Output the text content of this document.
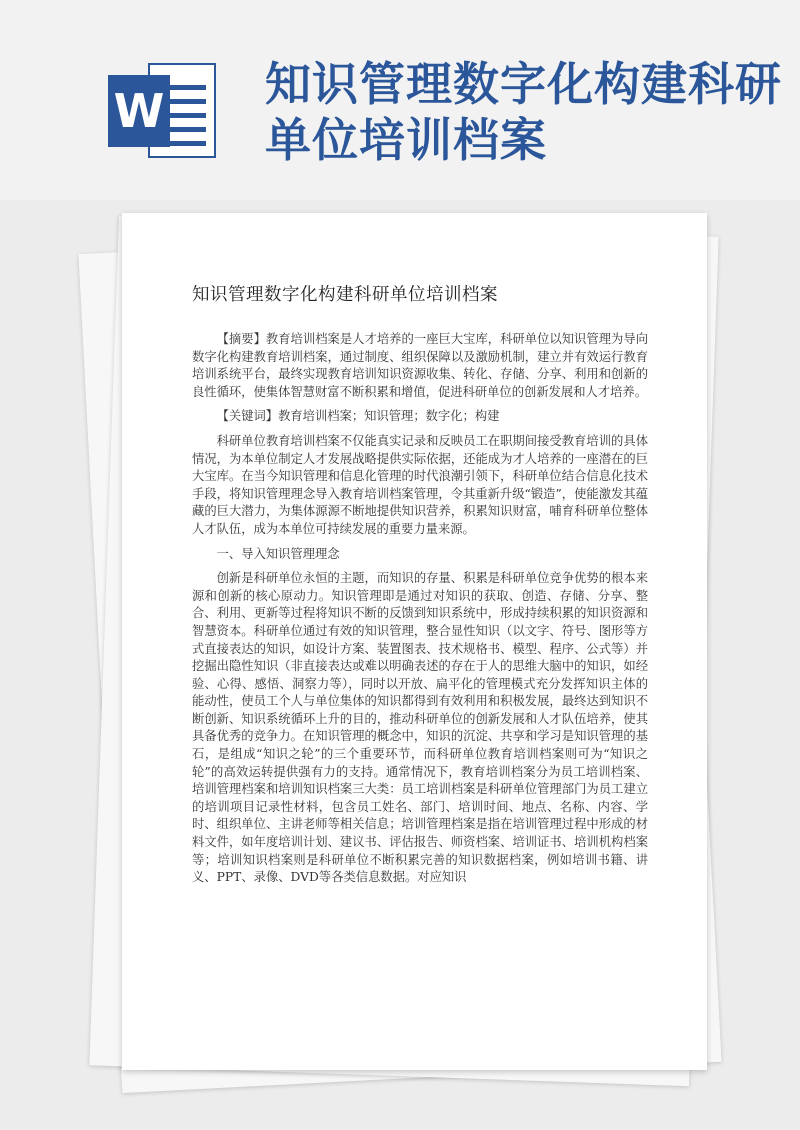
W 知识管理数字化构建科研单位培训档案
知识管理数字化构建科研单位培训档案

【摘要】教育培训档案是人才培养的一座巨大宝库，科研单位以知识管理为导向数字化构建教育培训档案，通过制度、组织保障以及激励机制，建立并有效运行教育培训系统平台，最终实现教育培训知识资源收集、转化、存储、分享、利用和创新的良性循环，使集体智慧财富不断积累和增值，促进科研单位的创新发展和人才培养。

【关键词】教育培训档案；知识管理；数字化；构建

科研单位教育培训档案不仅能真实记录和反映员工在职期间接受教育培训的具体情况，为本单位制定人才发展战略提供实际依据，还能成为才人培养的一座潜在的巨大宝库。在当今知识管理和信息化管理的时代浪潮引领下，科研单位结合信息化技术手段，将知识管理理念导入教育培训档案管理，令其重新升级“锻造”，使能激发其蕴藏的巨大潜力，为集体源源不断地提供知识营养，积累知识财富，哺育科研单位整体人才队伍，成为本单位可持续发展的重要力量来源。

一、导入知识管理理念

创新是科研单位永恒的主题，而知识的存量、积累是科研单位竞争优势的根本来源和创新的核心原动力。知识管理即是通过对知识的获取、创造、存储、分享、整合、利用、更新等过程将知识不断的反馈到知识系统中，形成持续积累的知识资源和智慧资本。科研单位通过有效的知识管理，整合显性知识（以文字、符号、图形等方式直接表达的知识，如设计方案、装置图表、技术规格书、模型、程序、公式等）并挖掘出隐性知识（非直接表达或难以明确表述的存在于人的思维大脑中的知识，如经验、心得、感悟、洞察力等），同时以开放、扁平化的管理模式充分发挥知识主体的能动性，使员工个人与单位集体的知识都得到有效利用和积极发展，最终达到知识不断创新、知识系统循环上升的目的，推动科研单位的创新发展和人才队伍培养，使其具备优秀的竞争力。在知识管理的概念中，知识的沉淀、共享和学习是知识管理的基石，是组成“知识之轮”的三个重要环节，而科研单位教育培训档案则可为“知识之轮”的高效运转提供强有力的支持。通常情况下，教育培训档案分为员工培训档案、培训管理档案和培训知识档案三大类：员工培训档案是科研单位管理部门为员工建立的培训项目记录性材料，包含员工姓名、部门、培训时间、地点、名称、内容、学时、组织单位、主讲老师等相关信息；培训管理档案是指在培训管理过程中形成的材料文件，如年度培训计划、建议书、评估报告、师资档案、培训证书、培训机构档案等；培训知识档案则是科研单位不断积累完善的知识数据档案，例如培训书籍、讲义、PPT、录像、DVD等各类信息数据。对应知识
